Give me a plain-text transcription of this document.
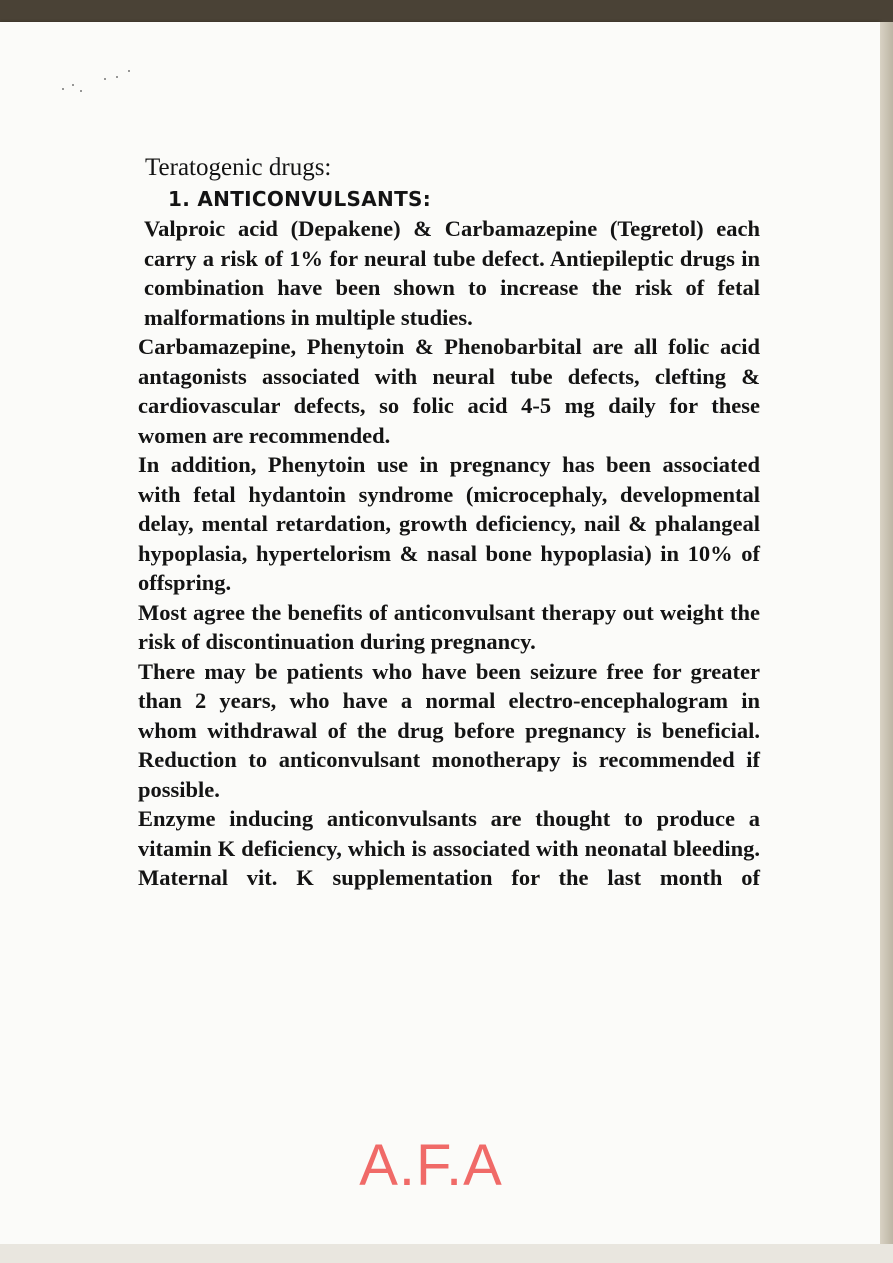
Teratogenic drugs:
1. ANTICONVULSANTS:

Valproic acid (Depakene) & Carbamazepine (Tegretol) each carry a risk of 1% for neural tube defect. Antiepileptic drugs in combination have been shown to increase the risk of fetal malformations in multiple studies.

Carbamazepine, Phenytoin & Phenobarbital are all folic acid antagonists associated with neural tube defects, clefting & cardiovascular defects, so folic acid 4-5 mg daily for these women are recommended.

In addition, Phenytoin use in pregnancy has been associated with fetal hydantoin syndrome (microcephaly, developmental delay, mental retardation, growth deficiency, nail & phalangeal hypoplasia, hypertelorism & nasal bone hypoplasia) in 10% of offspring.

Most agree the benefits of anticonvulsant therapy out weight the risk of discontinuation during pregnancy.

There may be patients who have been seizure free for greater than 2 years, who have a normal electro-encephalogram in whom withdrawal of the drug before pregnancy is beneficial. Reduction to anticonvulsant monotherapy is recommended if possible.

Enzyme inducing anticonvulsants are thought to produce a vitamin K deficiency, which is associated with neonatal bleeding. Maternal vit. K supplementation for the last month of

A.F.A
